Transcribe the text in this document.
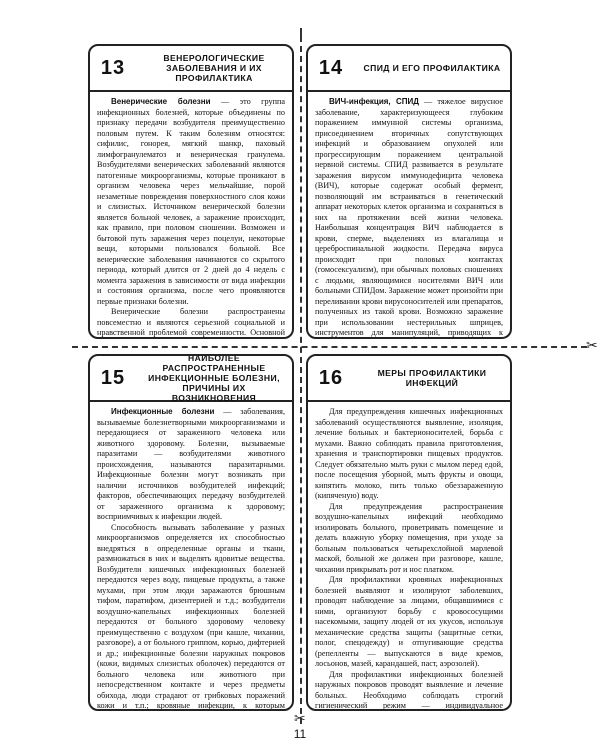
✂
✂
13	ВЕНЕРОЛОГИЧЕСКИЕ ЗАБОЛЕВАНИЯ И ИХ ПРОФИЛАКТИКА

Венерические болезни — это группа инфекционных болезней, которые объединены по признаку передачи возбудителя преимущественно половым путем. К таким болезням относятся: сифилис, гонорея, мягкий шанкр, паховый лимфогранулематоз и венерическая гранулема. Возбудителями венерических заболеваний являются патогенные микроорганизмы, которые проникают в организм человека через мельчайшие, порой незаметные повреждения поверхностного слоя кожи и слизистых. Источником венерической болезни является больной человек, а заражение происходит, как правило, при половом сношении. Возможен и бытовой путь заражения через поцелуи, некоторые вещи, которыми пользовался больной. Все венерические заболевания начинаются со скрытого периода, который длится от 2 дней до 4 недель с момента заражения в зависимости от вида инфекции и состояния организма, после чего проявляются первые признаки болезни.

Венерические болезни распространены повсеместно и являются серьезной социальной и нравственной проблемой современности. Основной

14	СПИД И ЕГО ПРОФИЛАКТИКА

ВИЧ-инфекция, СПИД — тяжелое вирусное заболевание, характеризующееся глубоким поражением иммунной системы организма, присоединением вторичных сопутствующих инфекций и образованием опухолей или прогрессирующим поражением центральной нервной системы. СПИД развивается в результате заражения вирусом иммунодефицита человека (ВИЧ), которые содержат особый фермент, позволяющий им встраиваться в генетический аппарат некоторых клеток организма и сохраняться в них на протяжении всей жизни человека. Наибольшая концентрация ВИЧ наблюдается в крови, сперме, выделениях из влагалища и цереброспинальной жидкости. Передача вируса происходит при половых контактах (гомосексуализм), при обычных половых сношениях с людьми, являющимися носителями ВИЧ или больными СПИДом. Заражение может произойти при переливании крови вирусоносителей или препаратов, полученных из такой крови. Возможно заражение при использовании нестерильных шприцев, инструментов для манипуляций, приводящих к

15
НАИБОЛЕЕ РАСПРОСТРАНЕННЫЕ ИНФЕКЦИОННЫЕ БОЛЕЗНИ, ПРИЧИНЫ ИХ ВОЗНИКНОВЕНИЯ

Инфекционные болезни — заболевания, вызываемые болезнетворными микроорганизмами и передающиеся от зараженного человека или животного здоровому. Болезни, вызываемые паразитами — возбудителями животного происхождения, называются паразитарными. Инфекционные болезни могут возникать при наличии источников возбудителей инфекций; факторов, обеспечивающих передачу возбудителей от зараженного организма к здоровому; восприимчивых к инфекции людей.

Способность вызывать заболевание у разных микроорганизмов определяется их способностью внедряться в определенные органы и ткани, размножаться в них и выделять ядовитые вещества. Возбудители кишечных инфекционных болезней передаются через воду, пищевые продукты, а также мухами, при этом люди заражаются брюшным тифом, паратифом, дизентерией и т.д.; возбудители воздушно-капельных инфекционных болезней передаются от больного здоровому человеку преимущественно с воздухом (при кашле, чихании, разговоре), а от больного гриппом, корью, дифтерией и др.; инфекционные болезни наружных покровов (кожи, видимых слизистых оболочек) передаются от больного человека или животного при непосредственном контакте и через предметы обихода, люди страдают от грибковых поражений кожи и т.п.; кровяные инфекции, к которым

16	МЕРЫ ПРОФИЛАКТИКИ ИНФЕКЦИЙ

Для предупреждения кишечных инфекционных заболеваний осуществляются выявление, изоляция, лечение больных и бактерионосителей, борьба с мухами. Важно соблюдать правила приготовления, хранения и транспортировки пищевых продуктов. Следует обязательно мыть руки с мылом перед едой, после посещения уборной, мыть фрукты и овощи, кипятить молоко, пить только обеззараженную (кипяченую) воду.

Для предупреждения распространения воздушно-капельных инфекций необходимо изолировать больного, проветривать помещение и делать влажную уборку помещения, при уходе за больным пользоваться четырехслойной марлевой маской, больной же должен при разговоре, кашле, чихании прикрывать рот и нос платком.

Для профилактики кровяных инфекционных болезней выявляют и изолируют заболевших, проводят наблюдение за лицами, общавшимися с ними, организуют борьбу с кровососущими насекомыми, защиту людей от их укусов, используя механические средства защиты (защитные сетки, полог, спецодежду) и отпугивающие средства (репелленты — выпускаются в виде кремов, лосьонов, мазей, карандашей, паст, аэрозолей).

Для профилактики инфекционных болезней наружных покровов проводят выявление и лечение больных. Необходимо соблюдать строгий гигиенический режим — индивидуальное

11
